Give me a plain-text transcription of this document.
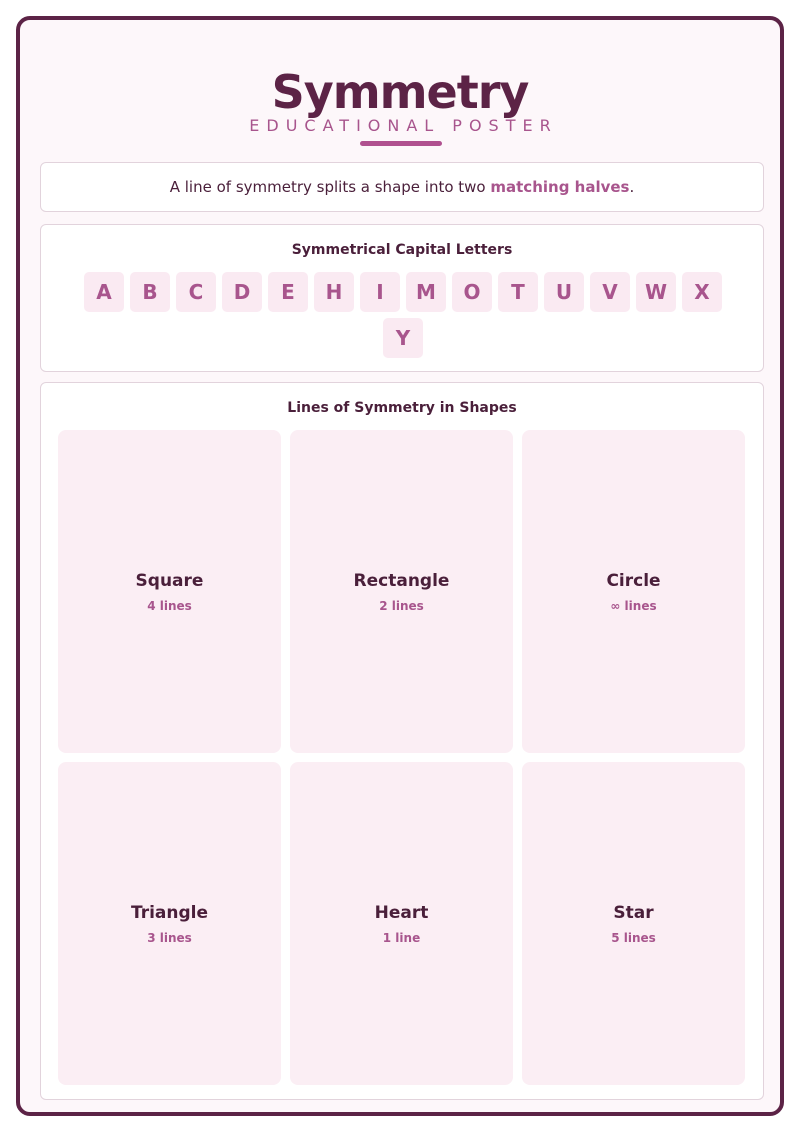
Symmetry
EDUCATIONAL POSTER
A line of symmetry splits a shape into two matching halves.
Symmetrical Capital Letters
A	B	C	D	E	H	I	M	O	T	U	V	W	X
Y
Lines of Symmetry in Shapes
Square
4 lines
Rectangle
2 lines
Circle
∞ lines
Triangle
3 lines
Heart
1 line
Star
5 lines
